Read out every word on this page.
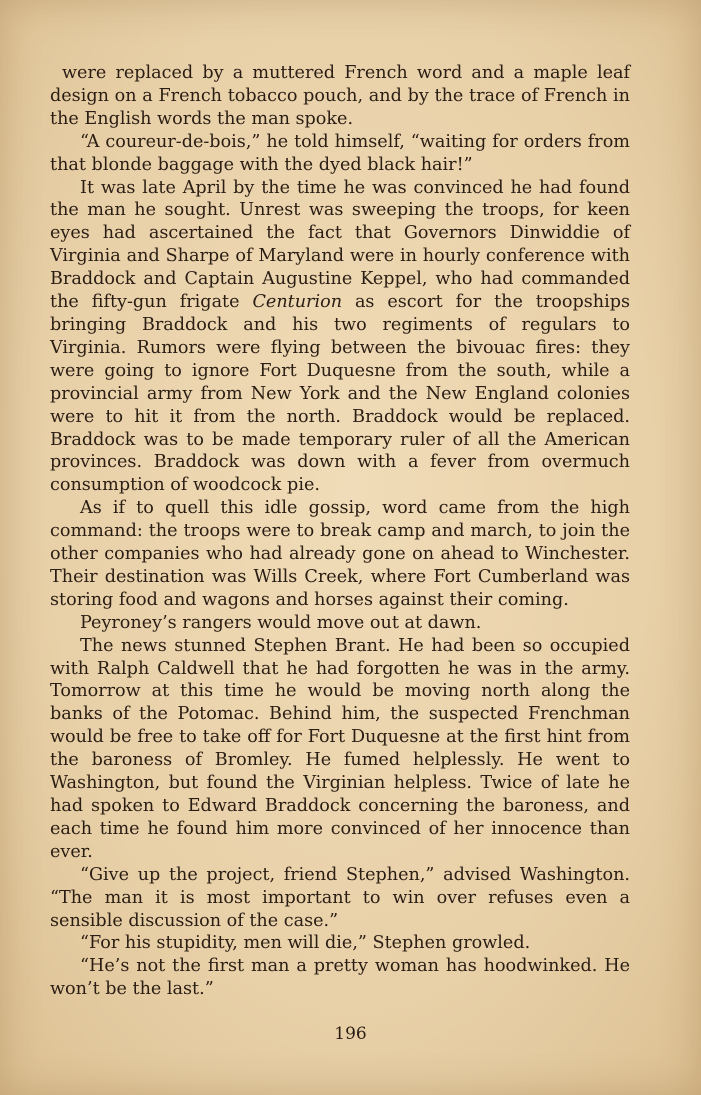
were replaced by a muttered French word and a maple leaf design on a French tobacco pouch, and by the trace of French in the English words the man spoke.

“A coureur-de-bois,” he told himself, “waiting for orders from that blonde baggage with the dyed black hair!”

It was late April by the time he was convinced he had found the man he sought. Unrest was sweeping the troops, for keen eyes had ascertained the fact that Governors Dinwiddie of Virginia and Sharpe of Maryland were in hourly conference with Braddock and Captain Augustine Keppel, who had commanded the fifty-gun frigate Centurion as escort for the troopships bringing Braddock and his two regiments of regulars to Virginia. Rumors were flying between the bivouac fires: they were going to ignore Fort Duquesne from the south, while a provincial army from New York and the New England colonies were to hit it from the north. Braddock would be replaced. Braddock was to be made temporary ruler of all the American provinces. Braddock was down with a fever from overmuch consumption of woodcock pie.

As if to quell this idle gossip, word came from the high command: the troops were to break camp and march, to join the other companies who had already gone on ahead to Winchester. Their destination was Wills Creek, where Fort Cumberland was storing food and wagons and horses against their coming.

Peyroney’s rangers would move out at dawn.

The news stunned Stephen Brant. He had been so occupied with Ralph Caldwell that he had forgotten he was in the army. Tomorrow at this time he would be moving north along the banks of the Potomac. Behind him, the suspected Frenchman would be free to take off for Fort Duquesne at the first hint from the baroness of Bromley. He fumed helplessly. He went to Washington, but found the Virginian helpless. Twice of late he had spoken to Edward Braddock concerning the baroness, and each time he found him more convinced of her innocence than ever.

“Give up the project, friend Stephen,” advised Washington. “The man it is most important to win over refuses even a sensible discussion of the case.”

“For his stupidity, men will die,” Stephen growled.

“He’s not the first man a pretty woman has hoodwinked. He won’t be the last.”

196
